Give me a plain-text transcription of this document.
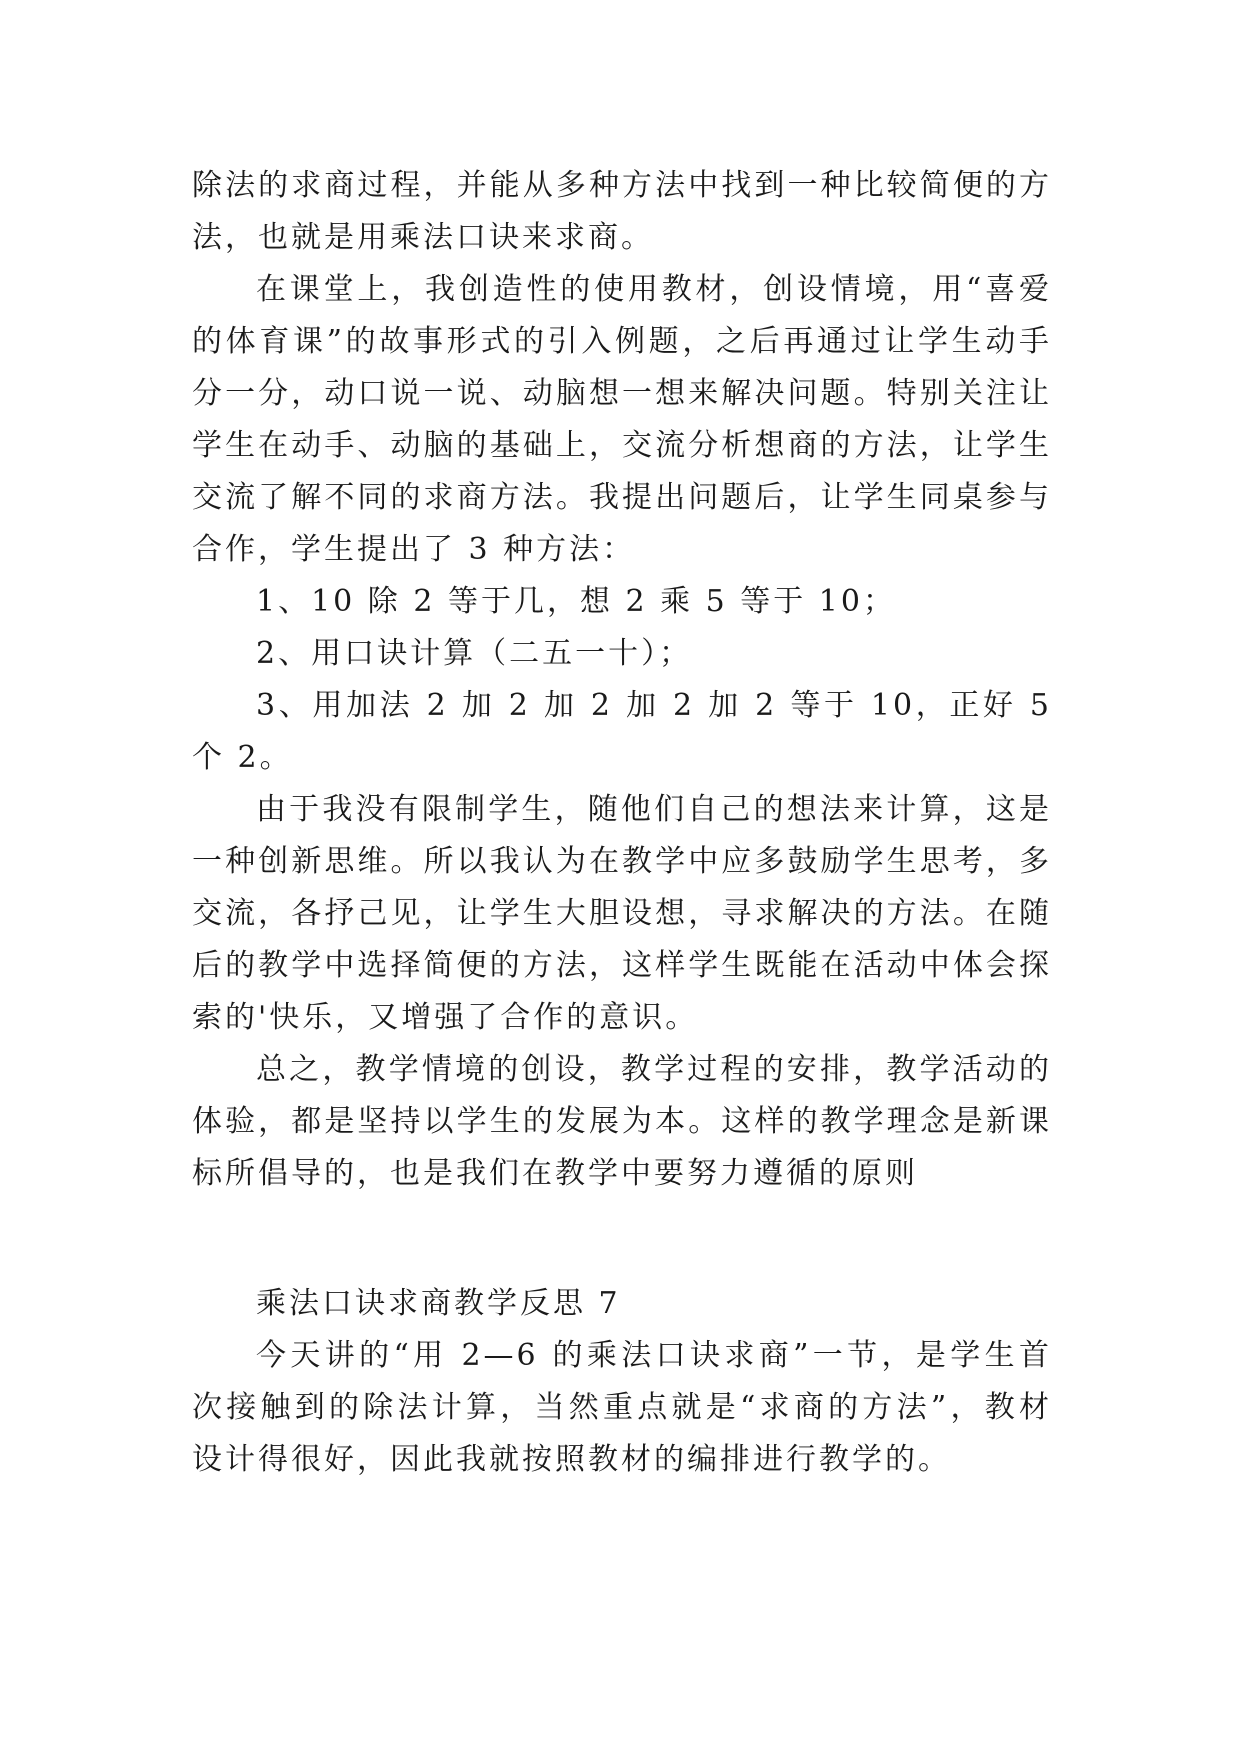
除法的求商过程，并能从多种方法中找到一种比较简便的方法，也就是用乘法口诀来求商。

在课堂上，我创造性的使用教材，创设情境，用“喜爱的体育课”的故事形式的引入例题，之后再通过让学生动手分一分，动口说一说、动脑想一想来解决问题。特别关注让学生在动手、动脑的基础上，交流分析想商的方法，让学生交流了解不同的求商方法。我提出问题后，让学生同桌参与合作，学生提出了 3 种方法：

1、10 除 2 等于几，想 2 乘 5 等于 10；

2、用口诀计算（二五一十）；

3、用加法 2 加 2 加 2 加 2 加 2 等于 10，正好 5 个 2。

由于我没有限制学生，随他们自己的想法来计算，这是一种创新思维。所以我认为在教学中应多鼓励学生思考，多交流，各抒己见，让学生大胆设想，寻求解决的方法。在随后的教学中选择简便的方法，这样学生既能在活动中体会探索的'快乐，又增强了合作的意识。

总之，教学情境的创设，教学过程的安排，教学活动的体验，都是坚持以学生的发展为本。这样的教学理念是新课标所倡导的，也是我们在教学中要努力遵循的原则

乘法口诀求商教学反思 7

今天讲的“用 2—6 的乘法口诀求商”一节，是学生首次接触到的除法计算，当然重点就是“求商的方法”，教材设计得很好，因此我就按照教材的编排进行教学的。
